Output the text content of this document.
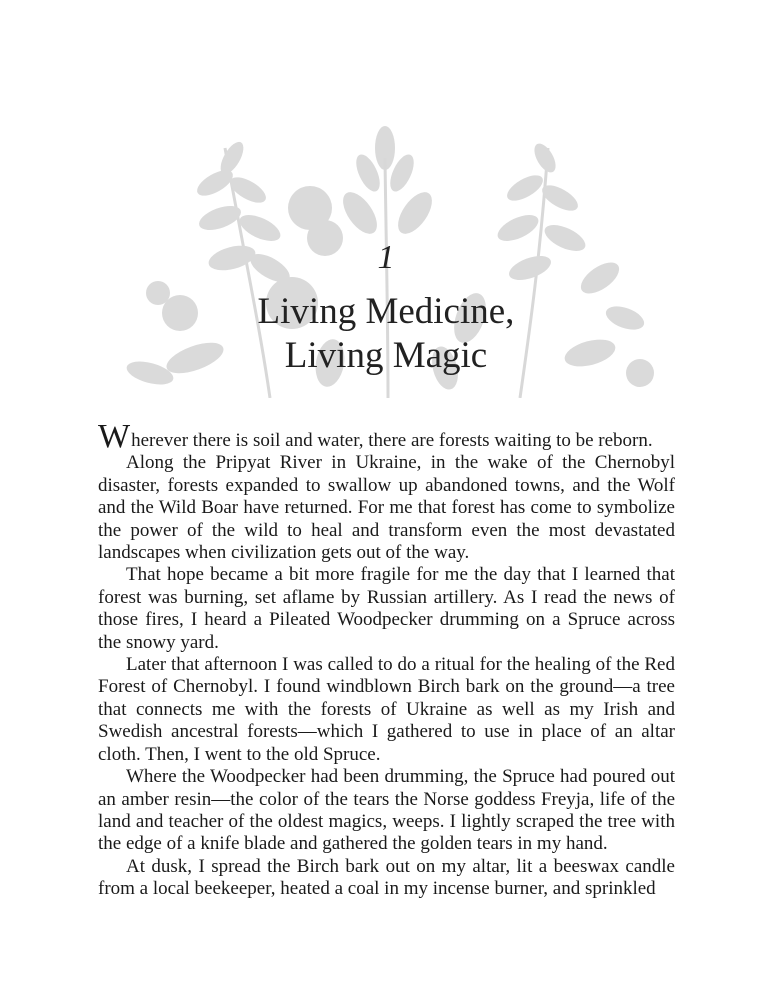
1
Living Medicine,
Living Magic

Wherever there is soil and water, there are forests waiting to be reborn.

Along the Pripyat River in Ukraine, in the wake of the Chernobyl disaster, forests expanded to swallow up abandoned towns, and the Wolf and the Wild Boar have returned. For me that forest has come to symbolize the power of the wild to heal and transform even the most devastated landscapes when civilization gets out of the way.

That hope became a bit more fragile for me the day that I learned that forest was burning, set aflame by Russian artillery. As I read the news of those fires, I heard a Pileated Woodpecker drumming on a Spruce across the snowy yard.

Later that afternoon I was called to do a ritual for the healing of the Red Forest of Chernobyl. I found windblown Birch bark on the ground—a tree that connects me with the forests of Ukraine as well as my Irish and Swedish ancestral forests—which I gathered to use in place of an altar cloth. Then, I went to the old Spruce.

Where the Woodpecker had been drumming, the Spruce had poured out an amber resin—the color of the tears the Norse goddess Freyja, life of the land and teacher of the oldest magics, weeps. I lightly scraped the tree with the edge of a knife blade and gathered the golden tears in my hand.

At dusk, I spread the Birch bark out on my altar, lit a beeswax candle from a local beekeeper, heated a coal in my incense burner, and sprinkled
